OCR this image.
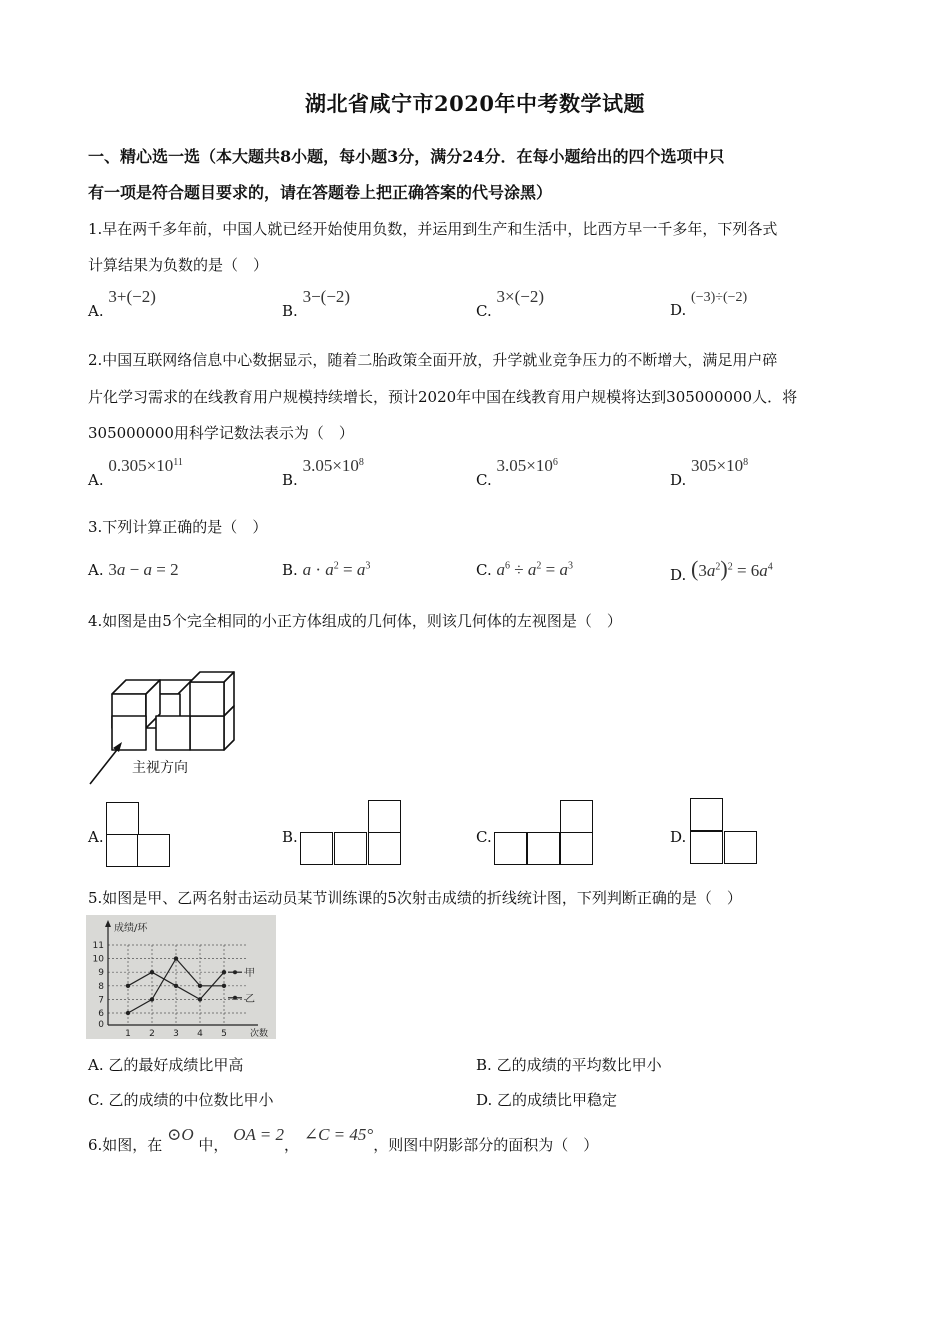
湖北省咸宁市2020年中考数学试题
一、精心选一选（本大题共8小题，每小题3分，满分24分．在每小题给出的四个选项中只
有一项是符合题目要求的，请在答题卷上把正确答案的代号涂黑）
1.早在两千多年前，中国人就已经开始使用负数，并运用到生产和生活中，比西方早一千多年，下列各式
计算结果为负数的是（　）
A. 3+(−2)
B. 3−(−2)
C. 3×(−2)
D. (−3)÷(−2)
2.中国互联网络信息中心数据显示，随着二胎政策全面开放，升学就业竞争压力的不断增大，满足用户碎
片化学习需求的在线教育用户规模持续增长，预计2020年中国在线教育用户规模将达到305000000人．将
305000000用科学记数法表示为（　）
A. $0.305\times 10^{11}$
B. $3.05\times 10^8$
C. $3.05\times 10^6$
D. $305\times 10^8$
3.下列计算正确的是（　）
A. 3a − a = 2	B. $a \cdot a^2 = a^3$	C. $a^6 \div a^2 = a^3$
D. $(3a^2)^2 = 6a^4$
4.如图是由5个完全相同的小正方体组成的几何体，则该几何体的左视图是（　）
主视方向
A.	B.	C.	D.
5.如图是甲、乙两名射击运动员某节训练课的5次射击成绩的折线统计图，下列判断正确的是（　）
0
6
7
8
9
10
11
1 2 3 4 5
成绩/环
次数
甲
乙
A. 乙的最好成绩比甲高	B. 乙的成绩的平均数比甲小
C. 乙的成绩的中位数比甲小	D. 乙的成绩比甲稳定
6.如图，在 ⊙O 中， OA = 2， ∠C = 45°，则图中阴影部分的面积为（　）
